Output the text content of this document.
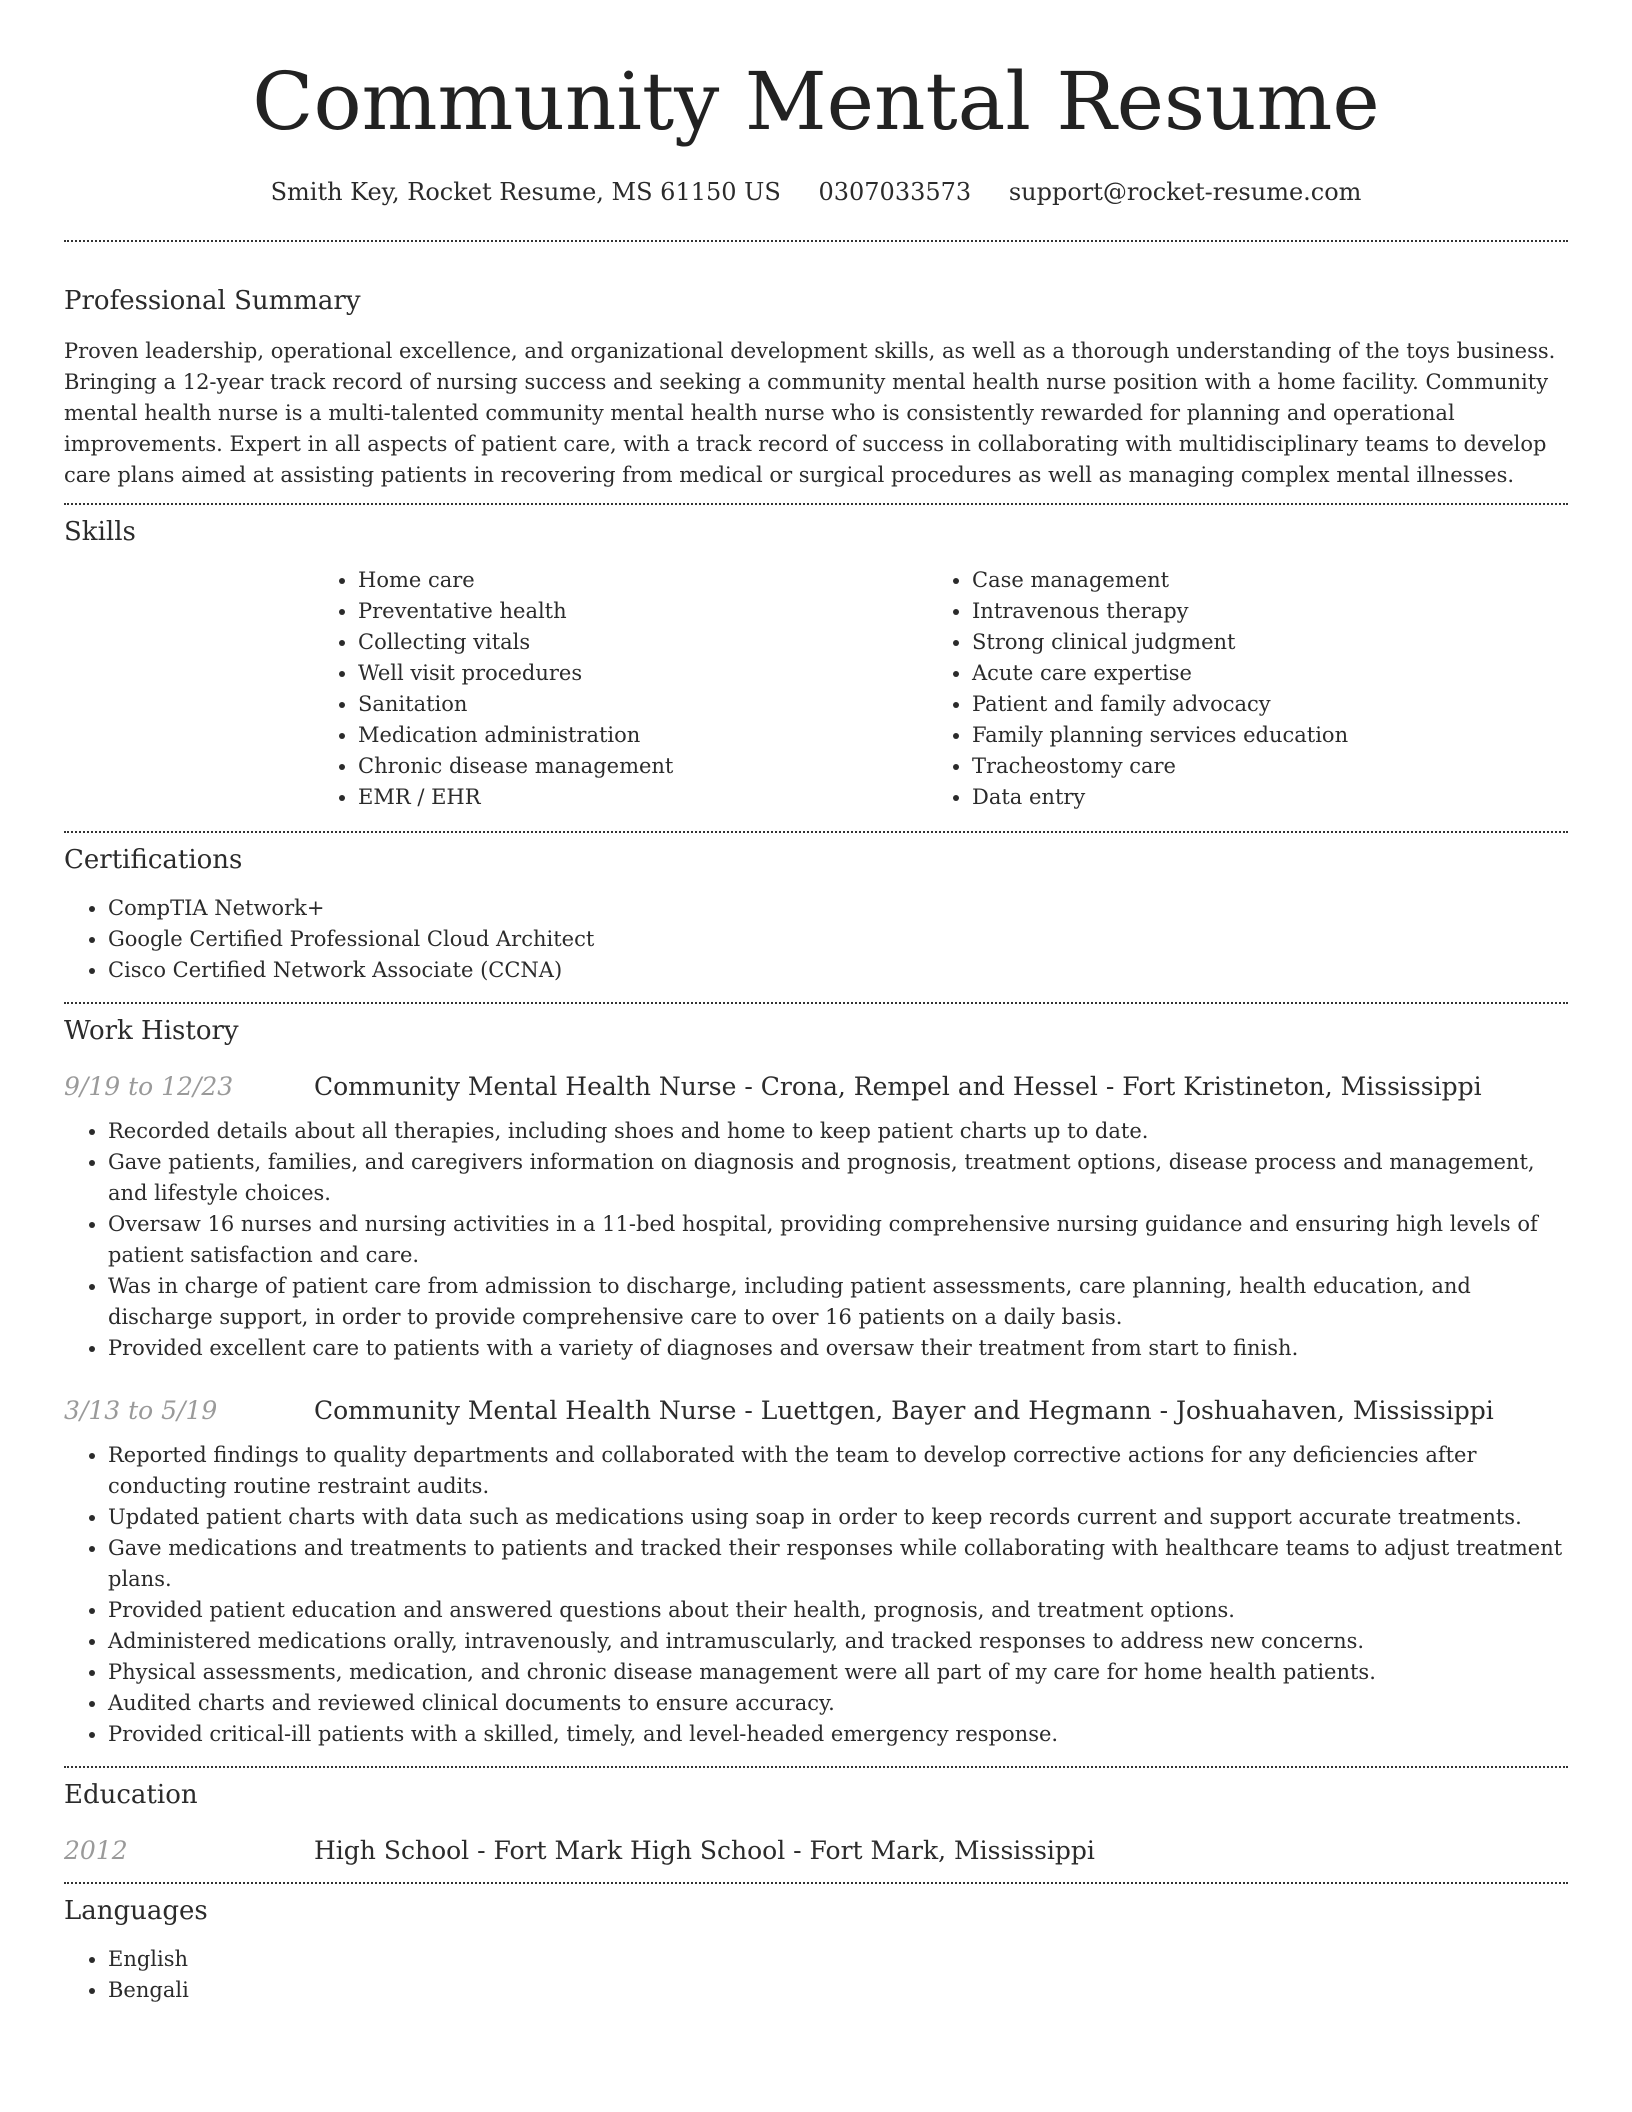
Community Mental Resume
Smith Key, Rocket Resume, MS 61150 US 0307033573 support@rocket-resume.com
Professional Summary

Proven leadership, operational excellence, and organizational development skills, as well as a thorough understanding of the toys business. Bringing a 12-year track record of nursing success and seeking a community mental health nurse position with a home facility. Community mental health nurse is a multi-talented community mental health nurse who is consistently rewarded for planning and operational improvements. Expert in all aspects of patient care, with a track record of success in collaborating with multidisciplinary teams to develop care plans aimed at assisting patients in recovering from medical or surgical procedures as well as managing complex mental illnesses.

Skills
• Home care
• Preventative health
• Collecting vitals
• Well visit procedures
• Sanitation
• Medication administration
• Chronic disease management
• EMR / EHR
• Case management
• Intravenous therapy
• Strong clinical judgment
• Acute care expertise
• Patient and family advocacy
• Family planning services education
• Tracheostomy care
• Data entry
Certifications
• CompTIA Network+
• Google Certified Professional Cloud Architect
• Cisco Certified Network Associate (CCNA)
Work History
9/19 to 12/23	Community Mental Health Nurse - Crona, Rempel and Hessel - Fort Kristineton, Mississippi
• Recorded details about all therapies, including shoes and home to keep patient charts up to date.
• Gave patients, families, and caregivers information on diagnosis and prognosis, treatment options, disease process and management, and lifestyle choices.
• Oversaw 16 nurses and nursing activities in a 11-bed hospital, providing comprehensive nursing guidance and ensuring high levels of patient satisfaction and care.
• Was in charge of patient care from admission to discharge, including patient assessments, care planning, health education, and discharge support, in order to provide comprehensive care to over 16 patients on a daily basis.
• Provided excellent care to patients with a variety of diagnoses and oversaw their treatment from start to finish.
3/13 to 5/19	Community Mental Health Nurse - Luettgen, Bayer and Hegmann - Joshuahaven, Mississippi
• Reported findings to quality departments and collaborated with the team to develop corrective actions for any deficiencies after conducting routine restraint audits.
• Updated patient charts with data such as medications using soap in order to keep records current and support accurate treatments.
• Gave medications and treatments to patients and tracked their responses while collaborating with healthcare teams to adjust treatment plans.
• Provided patient education and answered questions about their health, prognosis, and treatment options.
• Administered medications orally, intravenously, and intramuscularly, and tracked responses to address new concerns.
• Physical assessments, medication, and chronic disease management were all part of my care for home health patients.
• Audited charts and reviewed clinical documents to ensure accuracy.
• Provided critical-ill patients with a skilled, timely, and level-headed emergency response.
Education
2012	High School - Fort Mark High School - Fort Mark, Mississippi
Languages
• English
• Bengali
